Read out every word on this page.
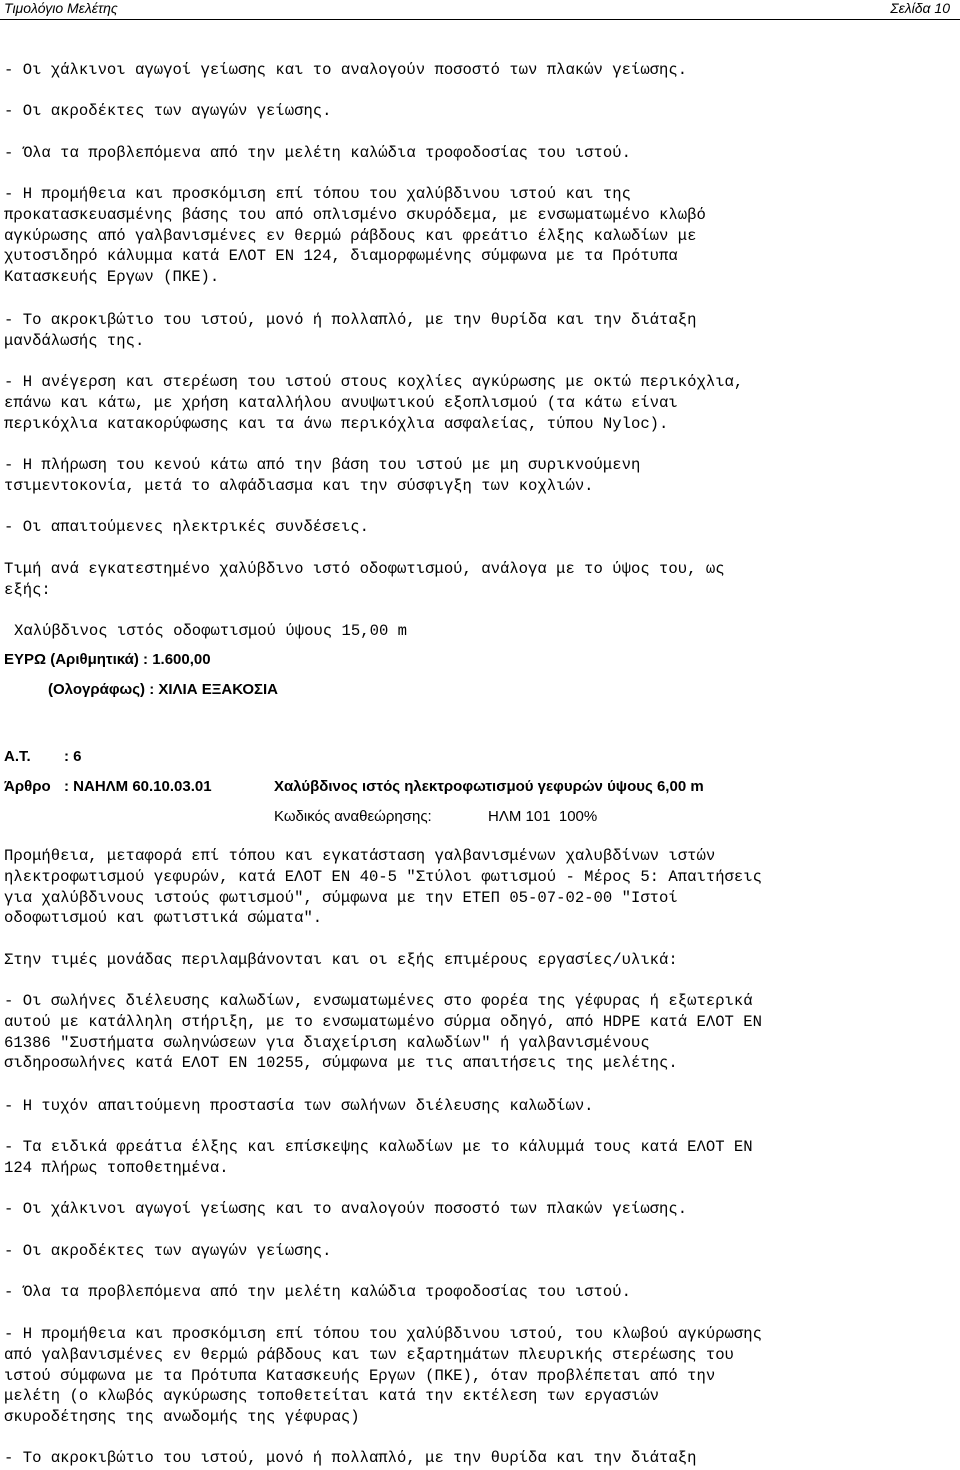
Τιμολόγιο Μελέτης	Σελίδα 10
- Οι χάλκινοι αγωγοί γείωσης και το αναλογούν ποσοστό των πλακών γείωσης.
- Οι ακροδέκτες των αγωγών γείωσης.
- Όλα τα προβλεπόμενα από την μελέτη καλώδια τροφοδοσίας του ιστού.
- Η προμήθεια και προσκόμιση επί τόπου του χαλύβδινου ιστού και της
προκατασκευασμένης βάσης του από οπλισμένο σκυρόδεμα, με ενσωματωμένο κλωβό
αγκύρωσης από γαλβανισμένες εν θερμώ ράβδους και φρεάτιο έλξης καλωδίων με
χυτοσιδηρό κάλυμμα κατά ΕΛΟΤ ΕΝ 124, διαμορφωμένης σύμφωνα με τα Πρότυπα
Κατασκευής Εργων (ΠΚΕ).
- Το ακροκιβώτιο του ιστού, μονό ή πολλαπλό, με την θυρίδα και την διάταξη
μανδάλωσής της.
- Η ανέγερση και στερέωση του ιστού στους κοχλίες αγκύρωσης με οκτώ περικόχλια,
επάνω και κάτω, με χρήση καταλλήλου ανυψωτικού εξοπλισμού (τα κάτω είναι
περικόχλια κατακορύφωσης και τα άνω περικόχλια ασφαλείας, τύπου Nyloc).
- Η πλήρωση του κενού κάτω από την βάση του ιστού με μη συρικνούμενη
τσιμεντοκονία, μετά το αλφάδιασμα και την σύσφιγξη των κοχλιών.
- Οι απαιτούμενες ηλεκτρικές συνδέσεις.
Τιμή ανά εγκατεστημένο χαλύβδινο ιστό οδοφωτισμού, ανάλογα με το ύψος του, ως
εξής:
Χαλύβδινος ιστός οδοφωτισμού ύψους 15,00 m
ΕΥΡΩ (Αριθμητικά) : 1.600,00
(Ολογράφως) : ΧΙΛΙΑ ΕΞΑΚΟΣΙΑ
Α.Τ. : 6
Άρθρο : ΝΑΗΛΜ 60.10.03.01	Χαλύβδινος ιστός ηλεκτροφωτισμού γεφυρών ύψους 6,00 m
Κωδικός αναθεώρησης:	ΗΛΜ 101  100%
Προμήθεια, μεταφορά επί τόπου και εγκατάσταση γαλβανισμένων χαλυβδίνων ιστών
ηλεκτροφωτισμού γεφυρών, κατά ΕΛΟΤ ΕΝ 40-5 "Στύλοι φωτισμού - Μέρος 5: Απαιτήσεις
για χαλύβδινους ιστούς φωτισμού", σύμφωνα με την ΕΤΕΠ 05-07-02-00 "Ιστοί
οδοφωτισμού και φωτιστικά σώματα".
Στην τιμές μονάδας περιλαμβάνονται και οι εξής επιμέρους εργασίες/υλικά:
- Οι σωλήνες διέλευσης καλωδίων, ενσωματωμένες στο φορέα της γέφυρας ή εξωτερικά
αυτού με κατάλληλη στήριξη, με το ενσωματωμένο σύρμα οδηγό, από HDPE κατά ΕΛΟΤ ΕΝ
61386 "Συστήματα σωληνώσεων για διαχείριση καλωδίων" ή γαλβανισμένους
σιδηροσωλήνες κατά ΕΛΟΤ ΕΝ 10255, σύμφωνα με τις απαιτήσεις της μελέτης.
- Η τυχόν απαιτούμενη προστασία των σωλήνων διέλευσης καλωδίων.
- Τα ειδικά φρεάτια έλξης και επίσκεψης καλωδίων με το κάλυμμά τους κατά ΕΛΟΤ ΕΝ
124 πλήρως τοποθετημένα.
- Οι χάλκινοι αγωγοί γείωσης και το αναλογούν ποσοστό των πλακών γείωσης.
- Οι ακροδέκτες των αγωγών γείωσης.
- Όλα τα προβλεπόμενα από την μελέτη καλώδια τροφοδοσίας του ιστού.
- Η προμήθεια και προσκόμιση επί τόπου του χαλύβδινου ιστού, του κλωβού αγκύρωσης
από γαλβανισμένες εν θερμώ ράβδους και των εξαρτημάτων πλευρικής στερέωσης του
ιστού σύμφωνα με τα Πρότυπα Κατασκευής Εργων (ΠΚΕ), όταν προβλέπεται από την
μελέτη (ο κλωβός αγκύρωσης τοποθετείται κατά την εκτέλεση των εργασιών
σκυροδέτησης της ανωδομής της γέφυρας)
- Το ακροκιβώτιο του ιστού, μονό ή πολλαπλό, με την θυρίδα και την διάταξη
